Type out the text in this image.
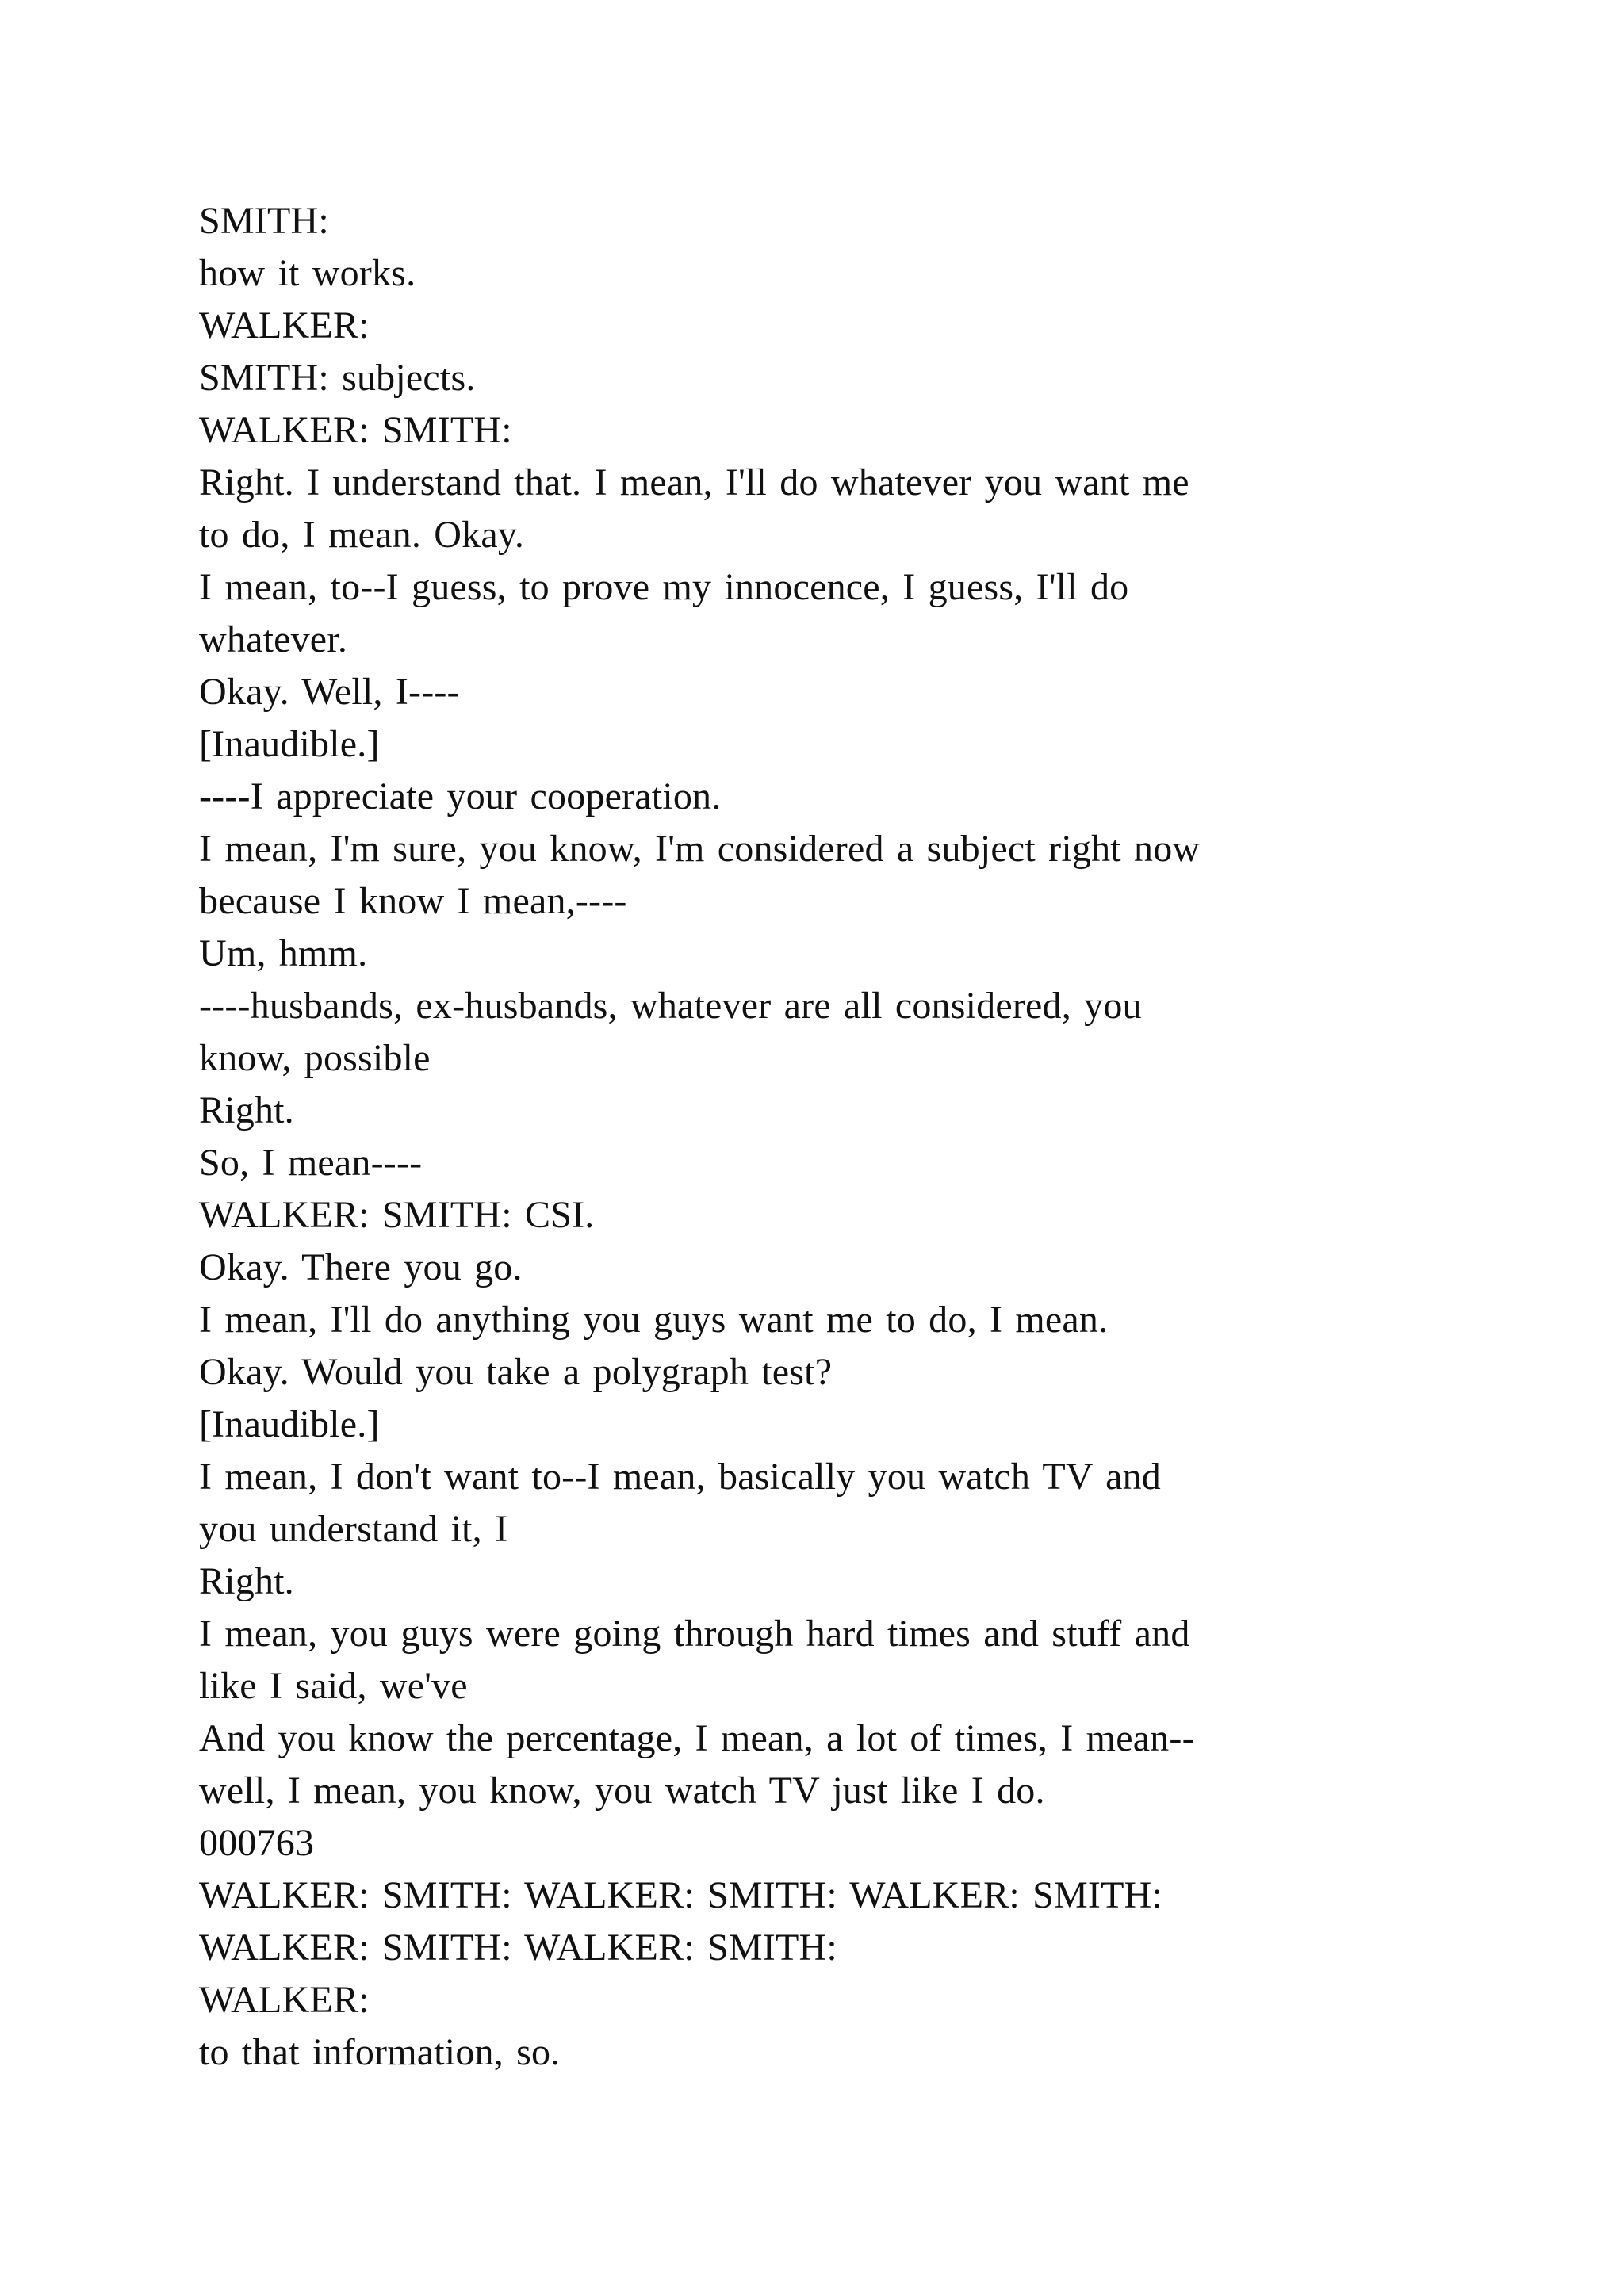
SMITH:
how it works.
WALKER:
SMITH: subjects.
WALKER: SMITH:
Right. I understand that. I mean, I'll do whatever you want me
to do, I mean. Okay.
I mean, to--I guess, to prove my innocence, I guess, I'll do
whatever.
Okay. Well, I----
[Inaudible.]
----I appreciate your cooperation.
I mean, I'm sure, you know, I'm considered a subject right now
because I know I mean,----
Um, hmm.
----husbands, ex-husbands, whatever are all considered, you
know, possible
Right.
So, I mean----
WALKER: SMITH: CSI.
Okay. There you go.
I mean, I'll do anything you guys want me to do, I mean.
Okay. Would you take a polygraph test?
[Inaudible.]
I mean, I don't want to--I mean, basically you watch TV and
you understand it, I
Right.
I mean, you guys were going through hard times and stuff and
like I said, we've
And you know the percentage, I mean, a lot of times, I mean--
well, I mean, you know, you watch TV just like I do.
000763
WALKER: SMITH: WALKER: SMITH: WALKER: SMITH:
WALKER: SMITH: WALKER: SMITH:
WALKER:
to that information, so.
